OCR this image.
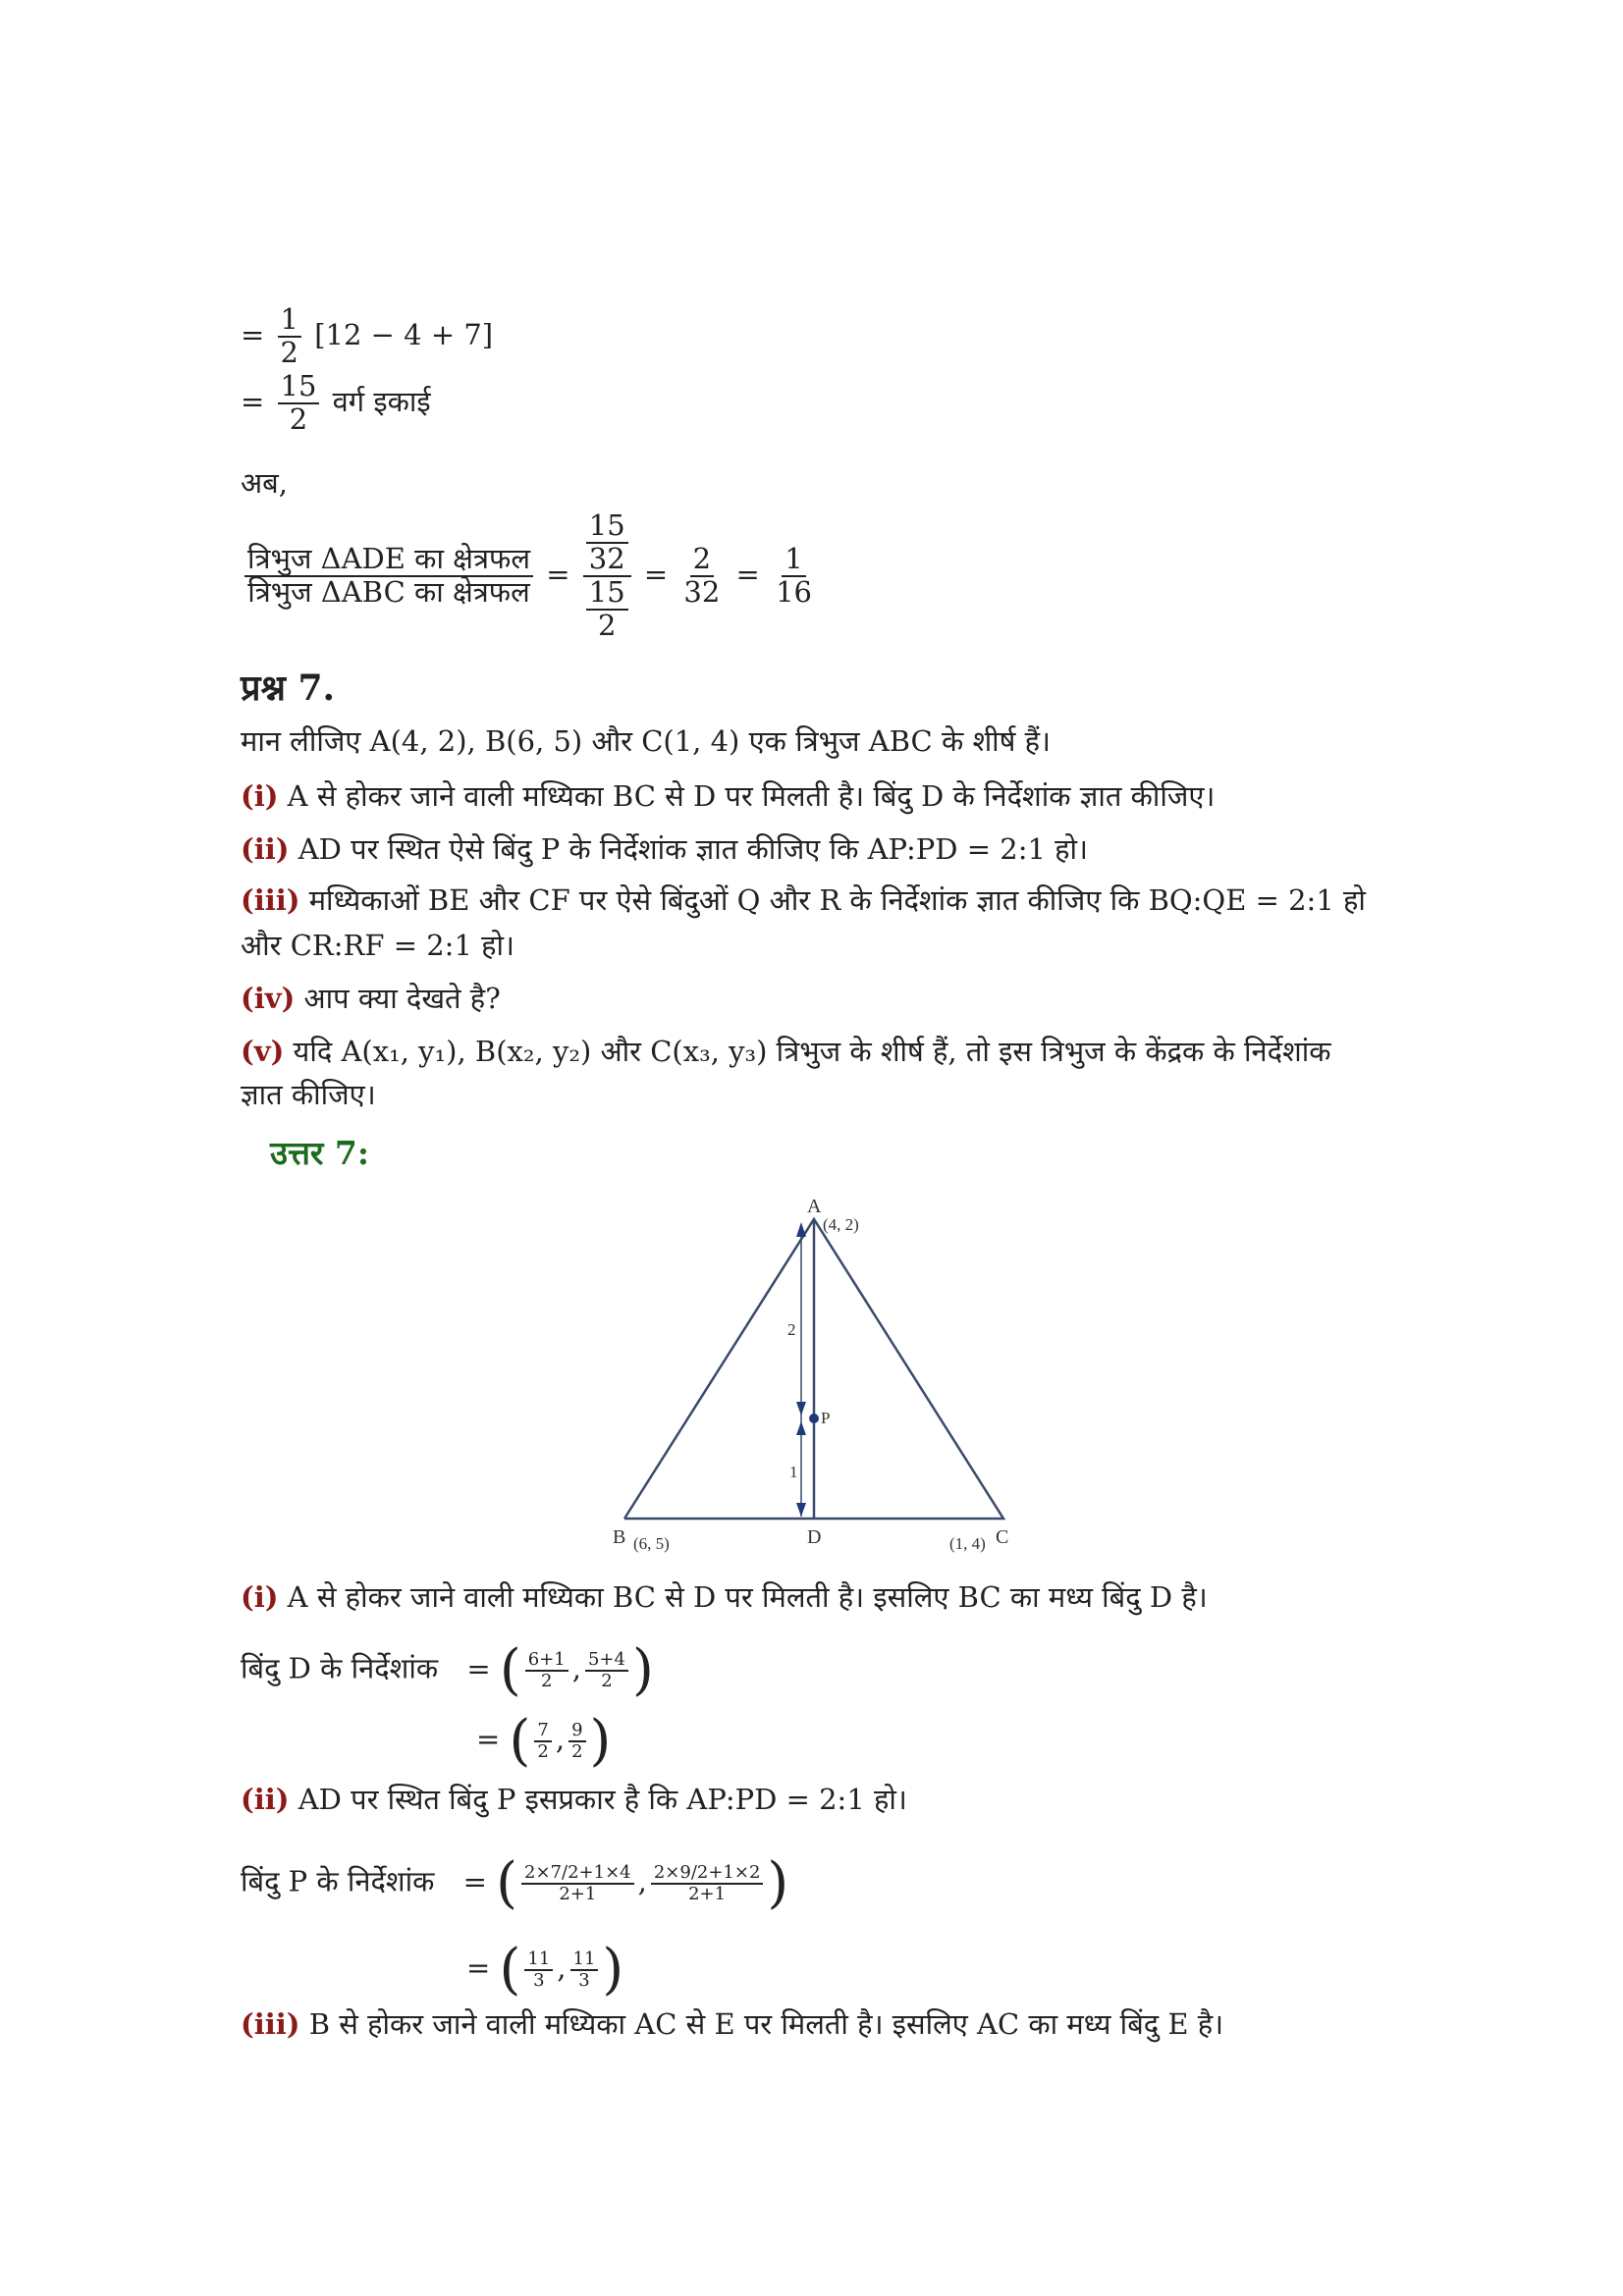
= $\frac{1}{2} [12 - 4 + 7]$
= $\frac{15}{2}$ वर्ग इकाई
अब,
$\frac{\text{त्रिभुज ΔADE का क्षेत्रफल}}{\text{त्रिभुज ΔABC का क्षेत्रफल}} = \frac{\frac{15}{32}}{\frac{15}{2}} = \frac{2}{32} = \frac{1}{16}$
प्रश्न 7.
मान लीजिए A(4, 2), B(6, 5) और C(1, 4) एक त्रिभुज ABC के शीर्ष हैं।
(i) A से होकर जाने वाली मध्यिका BC से D पर मिलती है। बिंदु D के निर्देशांक ज्ञात कीजिए।
(ii) AD पर स्थित ऐसे बिंदु P के निर्देशांक ज्ञात कीजिए कि AP:PD = 2:1 हो।
(iii) मध्यिकाओं BE और CF पर ऐसे बिंदुओं Q और R के निर्देशांक ज्ञात कीजिए कि BQ:QE = 2:1 हो
और CR:RF = 2:1 हो।
(iv) आप क्या देखते है?
(v) यदि A(x₁, y₁), B(x₂, y₂) और C(x₃, y₃) त्रिभुज के शीर्ष हैं, तो इस त्रिभुज के केंद्रक के निर्देशांक
ज्ञात कीजिए।
उत्तर 7:
A
(4, 2)
B (6, 5)	(1, 4) C
D
P
2
1
(i) A से होकर जाने वाली मध्यिका BC से D पर मिलती है। इसलिए BC का मध्य बिंदु D है।
बिंदु D के निर्देशांक = ( $\frac{6+1}{2}$ , $\frac{5+4}{2}$ )
= ( $\frac{7}{2}$ , $\frac{9}{2}$ )
(ii) AD पर स्थित बिंदु P इसप्रकार है कि AP:PD = 2:1 हो।
बिंदु P के निर्देशांक = ( $\frac{2\times 7/2+1\times 4}{2+1}$ , $\frac{2\times 9/2+1\times 2}{2+1}$ )
= ( $\frac{11}{3}$ , $\frac{11}{3}$ )
(iii) B से होकर जाने वाली मध्यिका AC से E पर मिलती है। इसलिए AC का मध्य बिंदु E है।
